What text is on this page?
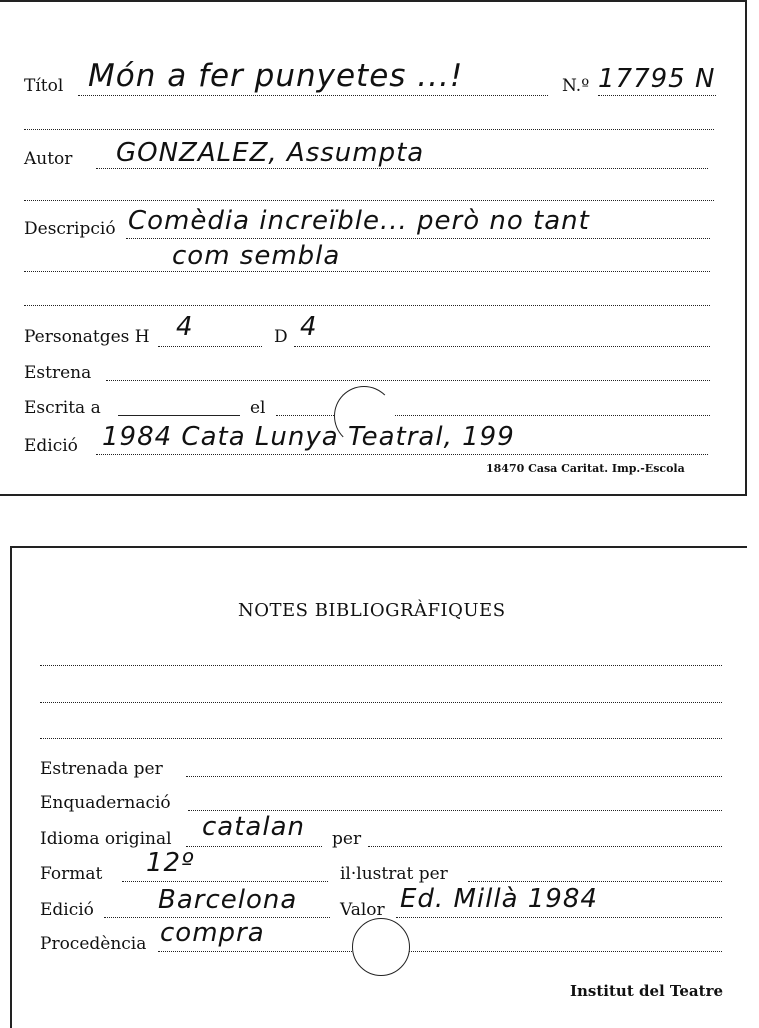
Títol Món a fer punyetes ...!	N.º 17795 N
Autor GONZALEZ, Assumpta
Descripció Comèdia increïble... però no tant
com sembla
Personatges H 4	D 4
Estrena
Escrita a	el
Edició 1984 Cata Lunya Teatral, 199
18470 Casa Caritat. Imp.-Escola
NOTES BIBLIOGRÀFIQUES
Estrenada per
Enquadernació
Idioma original catalan per
Format 12º	il·lustrat per
Edició Barcelona	Valor Ed. Millà 1984
Procedència compra
Institut del Teatre
